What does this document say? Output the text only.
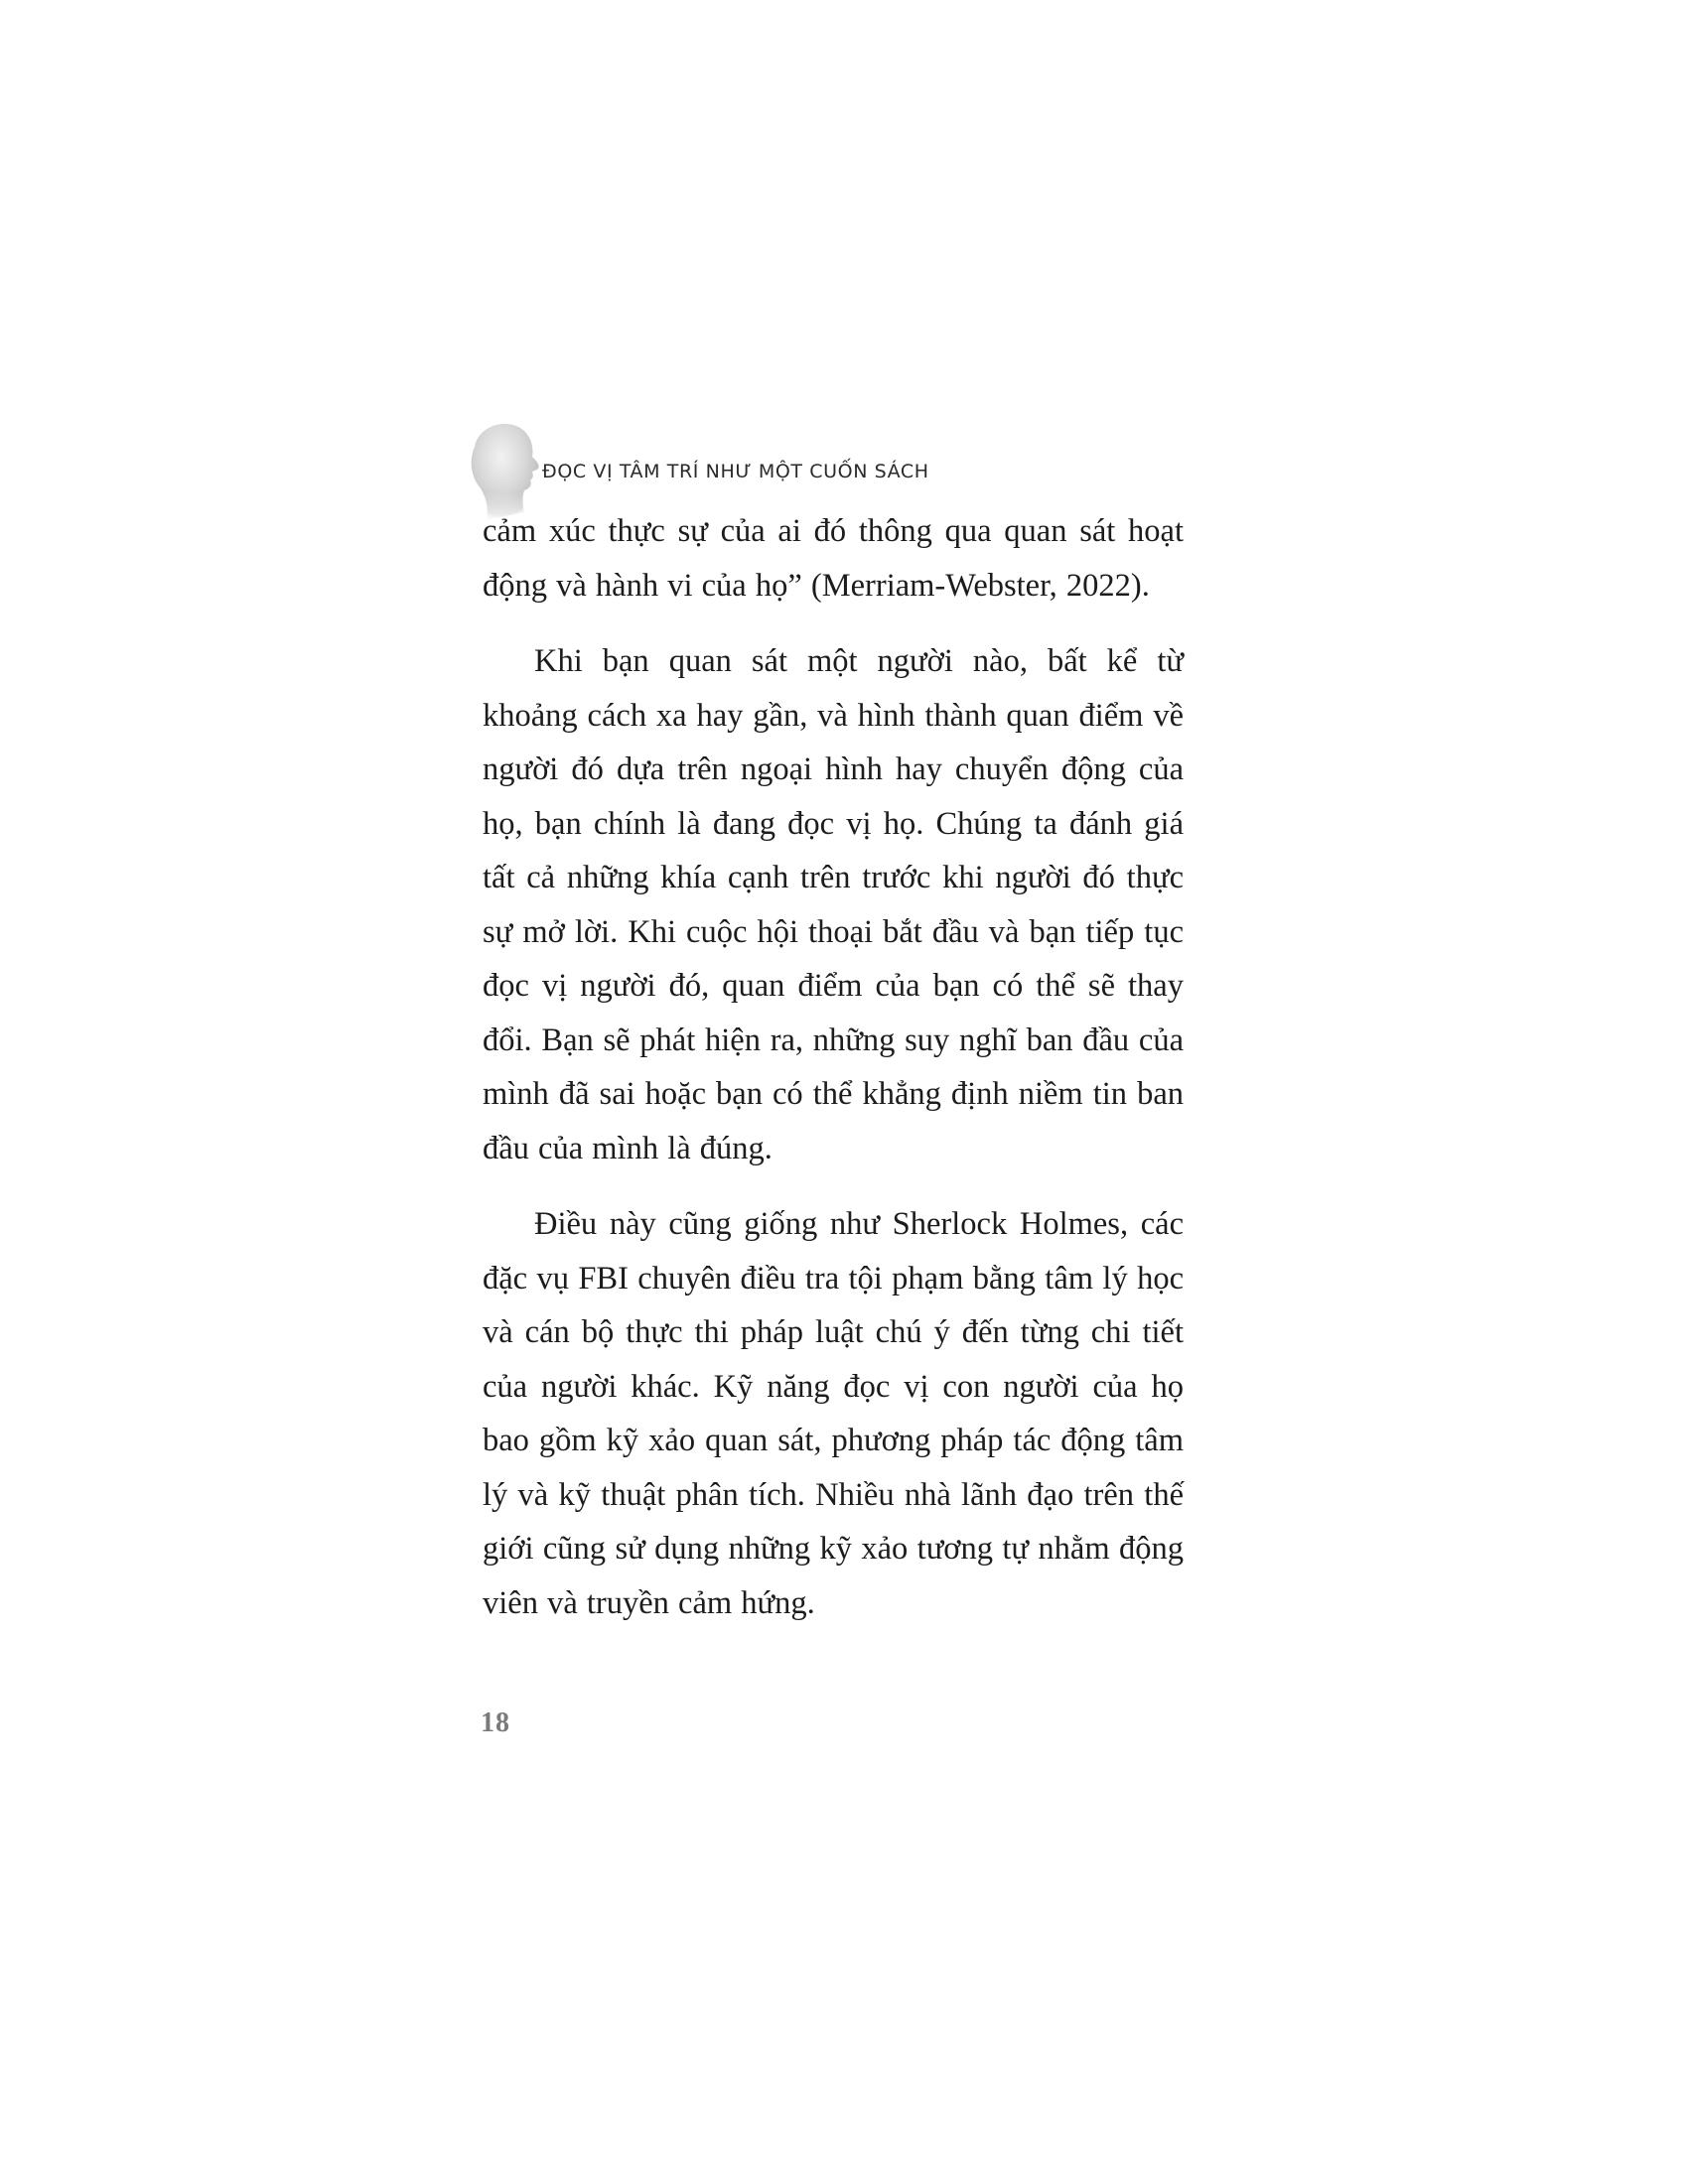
ĐỌC VỊ TÂM TRÍ NHƯ MỘT CUỐN SÁCH

cảm xúc thực sự của ai đó thông qua quan sát hoạt động và hành vi của họ” (Merriam-Webster, 2022).

Khi bạn quan sát một người nào, bất kể từ khoảng cách xa hay gần, và hình thành quan điểm về người đó dựa trên ngoại hình hay chuyển động của họ, bạn chính là đang đọc vị họ. Chúng ta đánh giá tất cả những khía cạnh trên trước khi người đó thực sự mở lời. Khi cuộc hội thoại bắt đầu và bạn tiếp tục đọc vị người đó, quan điểm của bạn có thể sẽ thay đổi. Bạn sẽ phát hiện ra, những suy nghĩ ban đầu của mình đã sai hoặc bạn có thể khẳng định niềm tin ban đầu của mình là đúng.

Điều này cũng giống như Sherlock Holmes, các đặc vụ FBI chuyên điều tra tội phạm bằng tâm lý học và cán bộ thực thi pháp luật chú ý đến từng chi tiết của người khác. Kỹ năng đọc vị con người của họ bao gồm kỹ xảo quan sát, phương pháp tác động tâm lý và kỹ thuật phân tích. Nhiều nhà lãnh đạo trên thế giới cũng sử dụng những kỹ xảo tương tự nhằm động viên và truyền cảm hứng.

18
